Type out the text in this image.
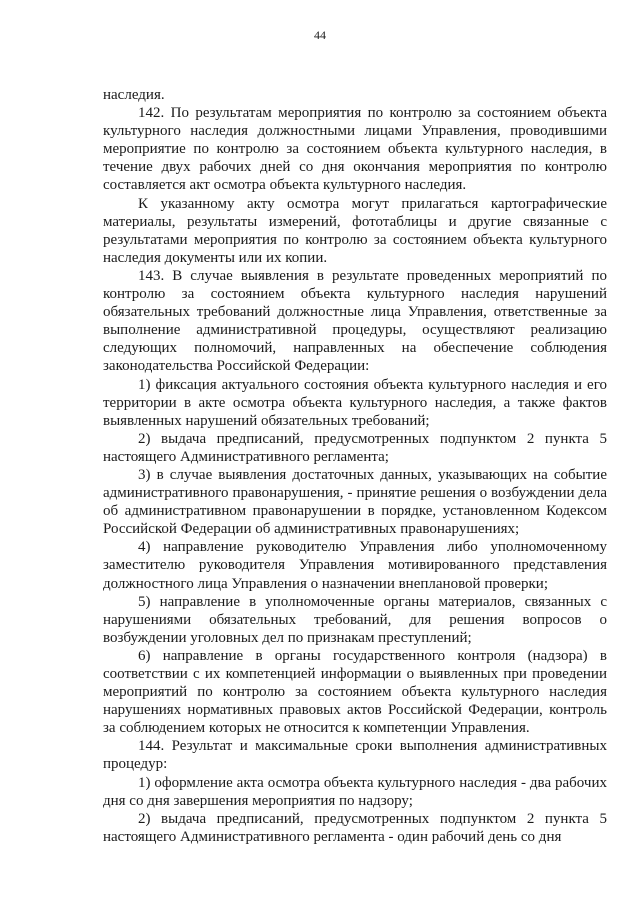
44

наследия.

142. По результатам мероприятия по контролю за состоянием объекта культурного наследия должностными лицами Управления, проводившими мероприятие по контролю за состоянием объекта культурного наследия, в течение двух рабочих дней со дня окончания мероприятия по контролю составляется акт осмотра объекта культурного наследия.

К указанному акту осмотра могут прилагаться картографические материалы, результаты измерений, фототаблицы и другие связанные с результатами мероприятия по контролю за состоянием объекта культурного наследия документы или их копии.

143. В случае выявления в результате проведенных мероприятий по контролю за состоянием объекта культурного наследия нарушений обязательных требований должностные лица Управления, ответственные за выполнение административной процедуры, осуществляют реализацию следующих полномочий, направленных на обеспечение соблюдения законодательства Российской Федерации:

1) фиксация актуального состояния объекта культурного наследия и его территории в акте осмотра объекта культурного наследия, а также фактов выявленных нарушений обязательных требований;

2) выдача предписаний, предусмотренных подпунктом 2 пункта 5 настоящего Административного регламента;

3) в случае выявления достаточных данных, указывающих на событие административного правонарушения, - принятие решения о возбуждении дела об административном правонарушении в порядке, установленном Кодексом Российской Федерации об административных правонарушениях;

4) направление руководителю Управления либо уполномоченному заместителю руководителя Управления мотивированного представления должностного лица Управления о назначении внеплановой проверки;

5) направление в уполномоченные органы материалов, связанных с нарушениями обязательных требований, для решения вопросов о возбуждении уголовных дел по признакам преступлений;

6) направление в органы государственного контроля (надзора) в соответствии с их компетенцией информации о выявленных при проведении мероприятий по контролю за состоянием объекта культурного наследия нарушениях нормативных правовых актов Российской Федерации, контроль за соблюдением которых не относится к компетенции Управления.

144. Результат и максимальные сроки выполнения административных процедур:

1) оформление акта осмотра объекта культурного наследия - два рабочих дня со дня завершения мероприятия по надзору;

2) выдача предписаний, предусмотренных подпунктом 2 пункта 5 настоящего Административного регламента - один рабочий день со дня
